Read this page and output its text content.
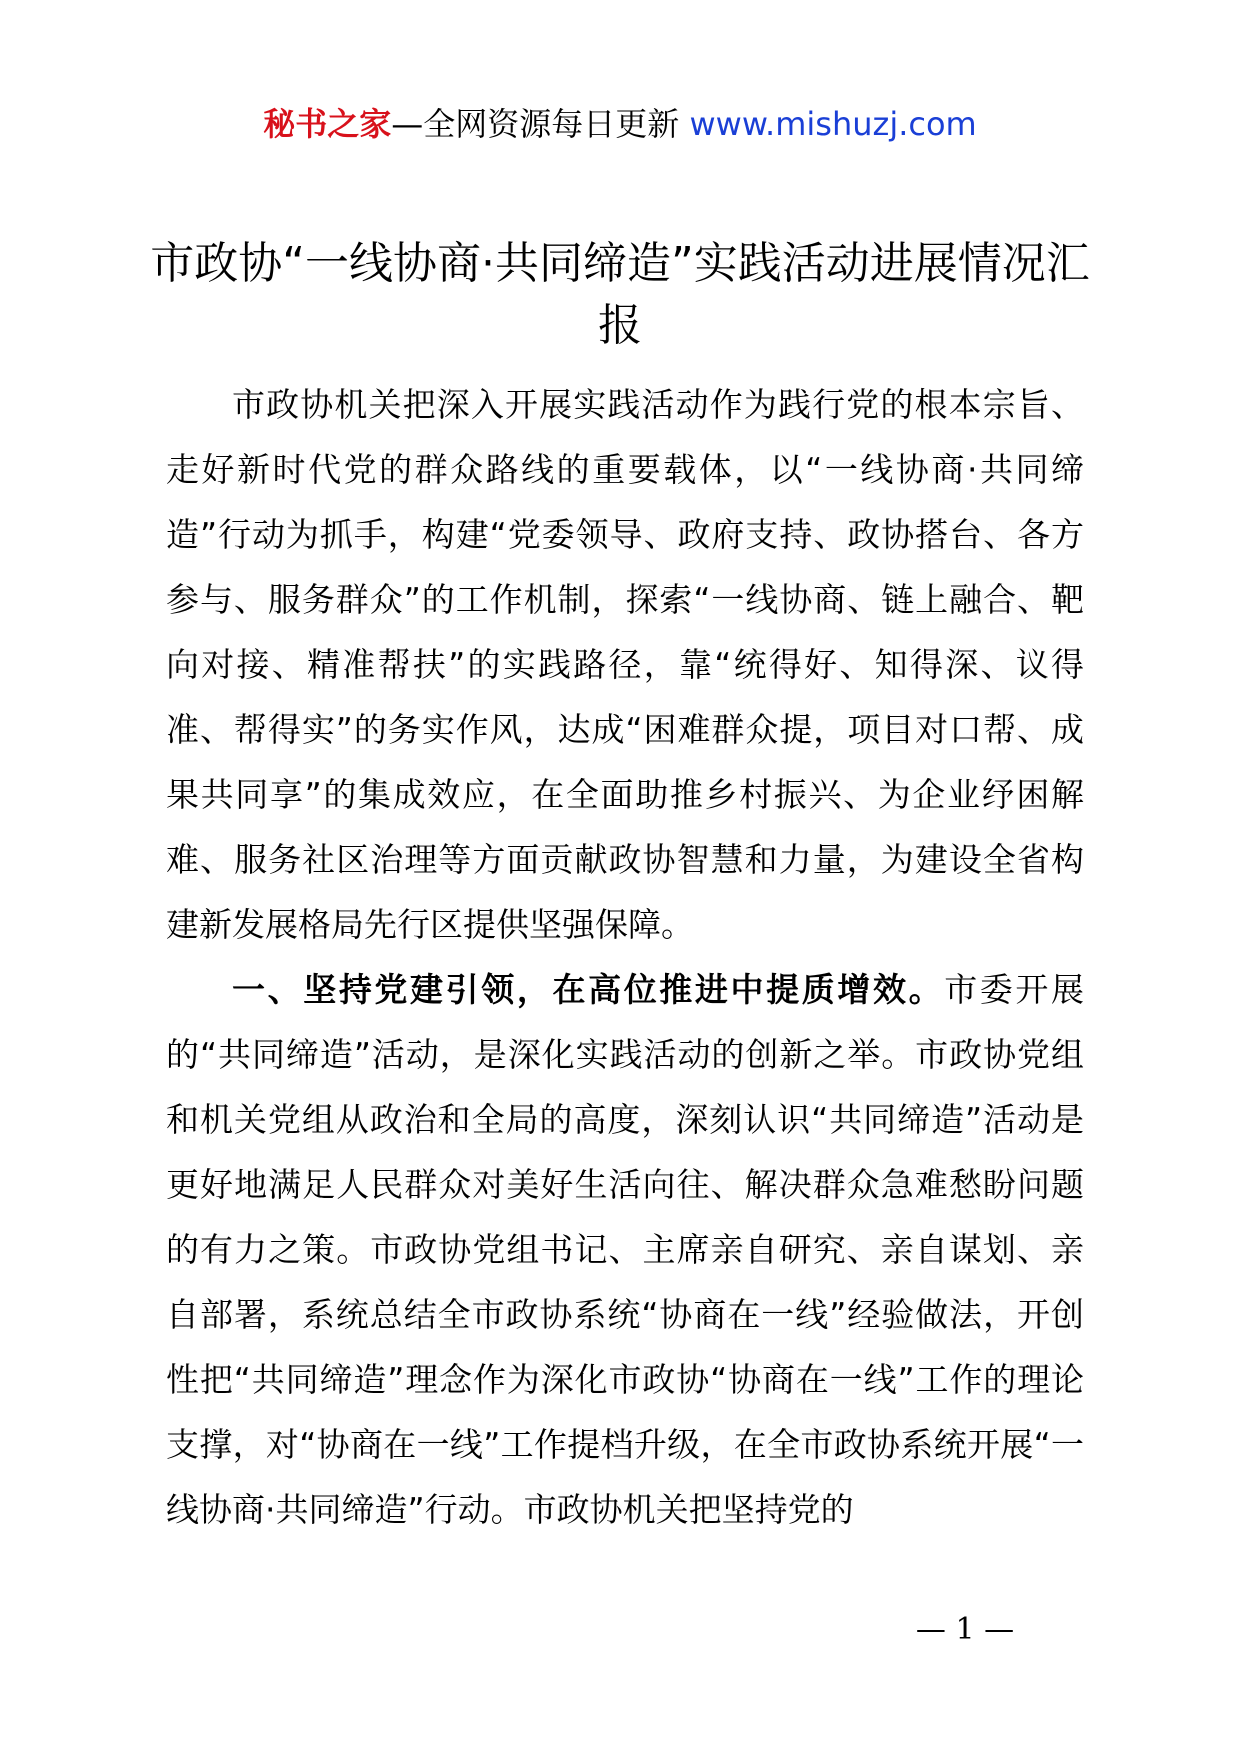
秘书之家—全网资源每日更新 www.mishuzj.com
市政协“一线协商·共同缔造”实践活动进展情况汇报

市政协机关把深入开展实践活动作为践行党的根本宗旨、走好新时代党的群众路线的重要载体，以“一线协商·共同缔造”行动为抓手，构建“党委领导、政府支持、政协搭台、各方参与、服务群众”的工作机制，探索“一线协商、链上融合、靶向对接、精准帮扶”的实践路径，靠“统得好、知得深、议得准、帮得实”的务实作风，达成“困难群众提，项目对口帮、成果共同享”的集成效应，在全面助推乡村振兴、为企业纾困解难、服务社区治理等方面贡献政协智慧和力量，为建设全省构建新发展格局先行区提供坚强保障。

一、坚持党建引领，在高位推进中提质增效。市委开展的“共同缔造”活动，是深化实践活动的创新之举。市政协党组和机关党组从政治和全局的高度，深刻认识“共同缔造”活动是更好地满足人民群众对美好生活向往、解决群众急难愁盼问题的有力之策。市政协党组书记、主席亲自研究、亲自谋划、亲自部署，系统总结全市政协系统“协商在一线”经验做法，开创性把“共同缔造”理念作为深化市政协“协商在一线”工作的理论支撑，对“协商在一线”工作提档升级，在全市政协系统开展“一线协商·共同缔造”行动。市政协机关把坚持党的

— 1 —
